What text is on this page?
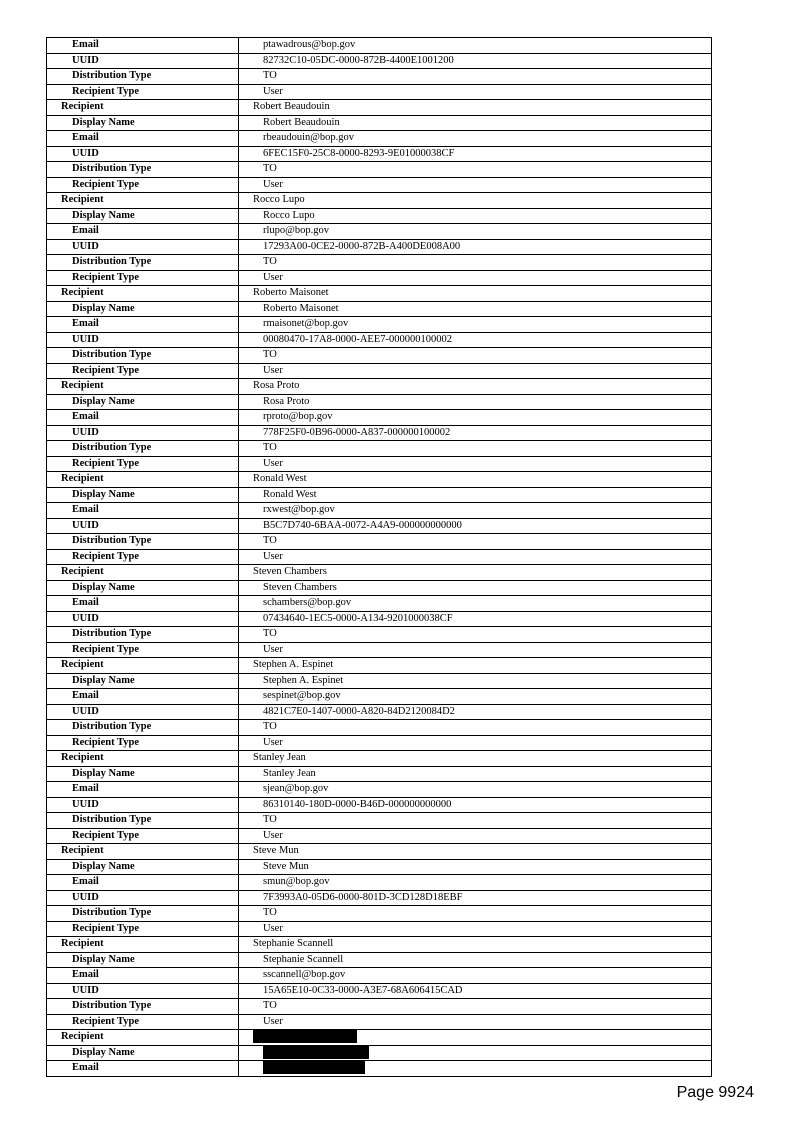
Email	ptawadrous@bop.gov
UUID	82732C10-05DC-0000-872B-4400E1001200
Distribution Type	TO
Recipient Type	User
Recipient	Robert Beaudouin
Display Name	Robert Beaudouin
Email	rbeaudouin@bop.gov
UUID	6FEC15F0-25C8-0000-8293-9E01000038CF
Distribution Type	TO
Recipient Type	User
Recipient	Rocco Lupo
Display Name	Rocco Lupo
Email	rlupo@bop.gov
UUID	17293A00-0CE2-0000-872B-A400DE008A00
Distribution Type	TO
Recipient Type	User
Recipient	Roberto Maisonet
Display Name	Roberto Maisonet
Email	rmaisonet@bop.gov
UUID	00080470-17A8-0000-AEE7-000000100002
Distribution Type	TO
Recipient Type	User
Recipient	Rosa Proto
Display Name	Rosa Proto
Email	rproto@bop.gov
UUID	778F25F0-0B96-0000-A837-000000100002
Distribution Type	TO
Recipient Type	User
Recipient	Ronald West
Display Name	Ronald West
Email	rxwest@bop.gov
UUID	B5C7D740-6BAA-0072-A4A9-000000000000
Distribution Type	TO
Recipient Type	User
Recipient	Steven Chambers
Display Name	Steven Chambers
Email	schambers@bop.gov
UUID	07434640-1EC5-0000-A134-9201000038CF
Distribution Type	TO
Recipient Type	User
Recipient	Stephen A. Espinet
Display Name	Stephen A. Espinet
Email	sespinet@bop.gov
UUID	4821C7E0-1407-0000-A820-84D2120084D2
Distribution Type	TO
Recipient Type	User
Recipient	Stanley Jean
Display Name	Stanley Jean
Email	sjean@bop.gov
UUID	86310140-180D-0000-B46D-000000000000
Distribution Type	TO
Recipient Type	User
Recipient	Steve Mun
Display Name	Steve Mun
Email	smun@bop.gov
UUID	7F3993A0-05D6-0000-801D-3CD128D18EBF
Distribution Type	TO
Recipient Type	User
Recipient	Stephanie Scannell
Display Name	Stephanie Scannell
Email	sscannell@bop.gov
UUID	15A65E10-0C33-0000-A3E7-68A606415CAD
Distribution Type	TO
Recipient Type	User
Recipient	
Display Name	
Email	
Page 9924
